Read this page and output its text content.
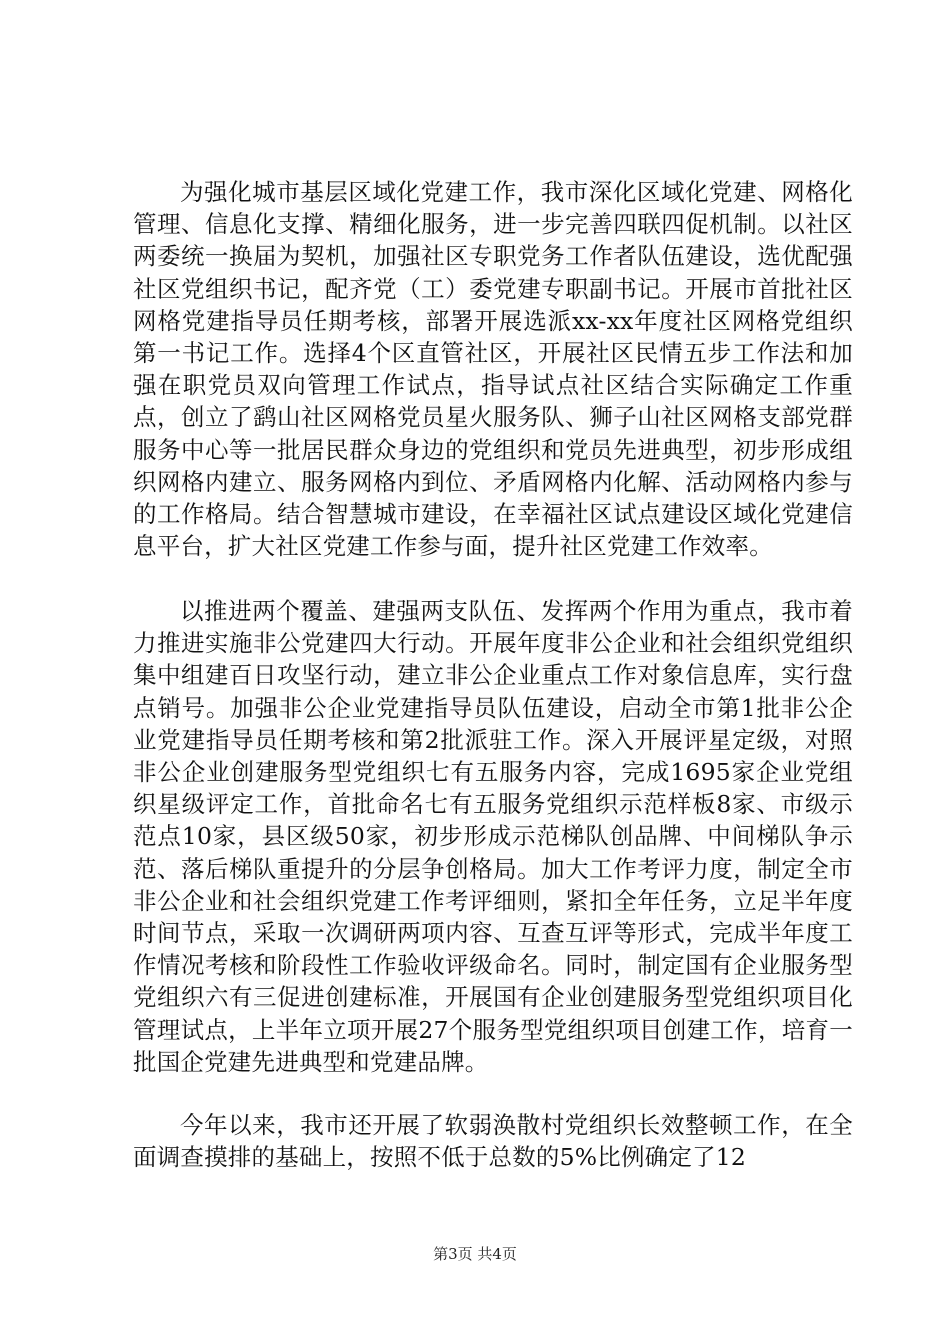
为强化城市基层区域化党建工作，我市深化区域化党建、网格化管理、信息化支撑、精细化服务，进一步完善四联四促机制。以社区两委统一换届为契机，加强社区专职党务工作者队伍建设，选优配强社区党组织书记，配齐党（工）委党建专职副书记。开展市首批社区网格党建指导员任期考核，部署开展选派xx-xx年度社区网格党组织第一书记工作。选择4个区直管社区，开展社区民情五步工作法和加强在职党员双向管理工作试点，指导试点社区结合实际确定工作重点，创立了鹞山社区网格党员星火服务队、狮子山社区网格支部党群服务中心等一批居民群众身边的党组织和党员先进典型，初步形成组织网格内建立、服务网格内到位、矛盾网格内化解、活动网格内参与的工作格局。结合智慧城市建设，在幸福社区试点建设区域化党建信息平台，扩大社区党建工作参与面，提升社区党建工作效率。

以推进两个覆盖、建强两支队伍、发挥两个作用为重点，我市着力推进实施非公党建四大行动。开展年度非公企业和社会组织党组织集中组建百日攻坚行动，建立非公企业重点工作对象信息库，实行盘点销号。加强非公企业党建指导员队伍建设，启动全市第1批非公企业党建指导员任期考核和第2批派驻工作。深入开展评星定级，对照非公企业创建服务型党组织七有五服务内容，完成1695家企业党组织星级评定工作，首批命名七有五服务党组织示范样板8家、市级示范点10家，县区级50家，初步形成示范梯队创品牌、中间梯队争示范、落后梯队重提升的分层争创格局。加大工作考评力度，制定全市非公企业和社会组织党建工作考评细则，紧扣全年任务，立足半年度时间节点，采取一次调研两项内容、互查互评等形式，完成半年度工作情况考核和阶段性工作验收评级命名。同时，制定国有企业服务型党组织六有三促进创建标准，开展国有企业创建服务型党组织项目化管理试点，上半年立项开展27个服务型党组织项目创建工作，培育一批国企党建先进典型和党建品牌。

今年以来，我市还开展了软弱涣散村党组织长效整顿工作，在全面调查摸排的基础上，按照不低于总数的5%比例确定了12

第3页 共4页
